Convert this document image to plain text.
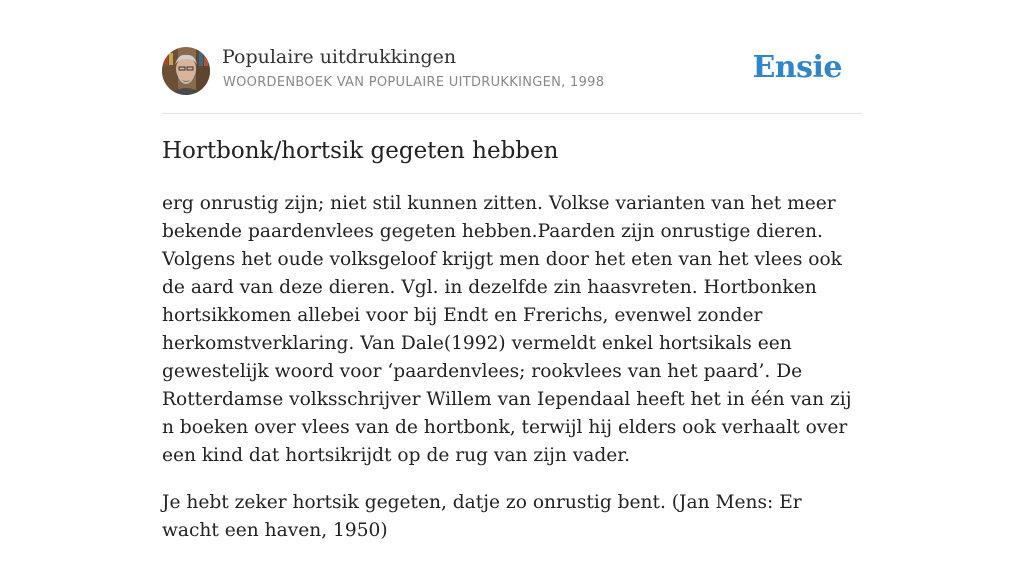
Populaire uitdrukkingen
WOORDENBOEK VAN POPULAIRE UITDRUKKINGEN, 1998	Ensie
Hortbonk/hortsik gegeten hebben

erg onrustig zijn; niet stil kunnen zitten. Volkse varianten van het meer bekende paardenvlees gegeten hebben.Paarden zijn onrustige dieren. Volgens het oude volksgeloof krijgt men door het eten van het vlees ook de aard van deze dieren. Vgl. in dezelfde zin haasvreten. Hortbonken hortsikkomen allebei voor bij Endt en Frerichs, evenwel zonder herkomstverklaring. Van Dale(1992) vermeldt enkel hortsikals een gewestelijk woord voor ‘paardenvlees; rookvlees van het paard’. De Rotterdamse volksschrijver Willem van Iependaal heeft het in één van zij n boeken over vlees van de hortbonk, terwijl hij elders ook verhaalt over een kind dat hortsikrijdt op de rug van zijn vader.

Je hebt zeker hortsik gegeten, datje zo onrustig bent. (Jan Mens: Er wacht een haven, 1950)
